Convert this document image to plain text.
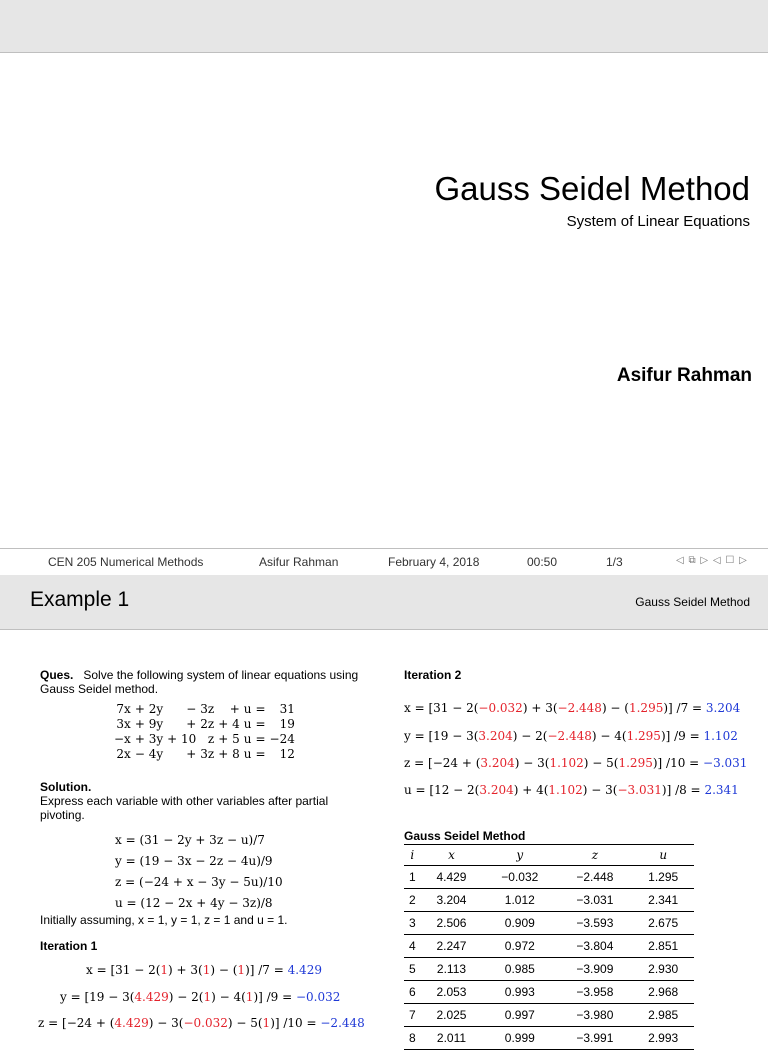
Gauss Seidel Method
System of Linear Equations
Asifur Rahman
CEN 205 Numerical Methods	Asifur Rahman	February 4, 2018	00:50	1/3	◁ ⧉ ▷ ◁ ☐ ▷
Example 1	Gauss Seidel Method
Ques. Solve the following system of linear equations using Gauss Seidel method.
7x	+ 2y	−	3z	+	u	=	31
3x	+ 9y	+	2z	+ 4	u	=	19
−x	+ 3y	+ 10	z	+ 5	u	=	−24
2x	− 4y	+	3z	+ 8	u	=	12
Solution.
Express each variable with other variables after partial pivoting.
x = (31 − 2y + 3z − u)/7
y = (19 − 3x − 2z − 4u)/9
z = (−24 + x − 3y − 5u)/10
u = (12 − 2x + 4y − 3z)/8
Initially assuming, x = 1, y = 1, z = 1 and u = 1.
Iteration 1
x = [31 − 2(1) + 3(1) − (1)] /7 = 4.429
y = [19 − 3(4.429) − 2(1) − 4(1)] /9 = −0.032
z = [−24 + (4.429) − 3(−0.032) − 5(1)] /10 = −2.448
Iteration 2
x = [31 − 2(−0.032) + 3(−2.448) − (1.295)] /7 = 3.204
y = [19 − 3(3.204) − 2(−2.448) − 4(1.295)] /9 = 1.102
z = [−24 + (3.204) − 3(1.102) − 5(1.295)] /10 = −3.031
u = [12 − 2(3.204) + 4(1.102) − 3(−3.031)] /8 = 2.341
Gauss Seidel Method
i	x	y	z	u
1	4.429	−0.032	−2.448	1.295
2	3.204	1.012	−3.031	2.341
3	2.506	0.909	−3.593	2.675
4	2.247	0.972	−3.804	2.851
5	2.113	0.985	−3.909	2.930
6	2.053	0.993	−3.958	2.968
7	2.025	0.997	−3.980	2.985
8	2.011	0.999	−3.991	2.993
